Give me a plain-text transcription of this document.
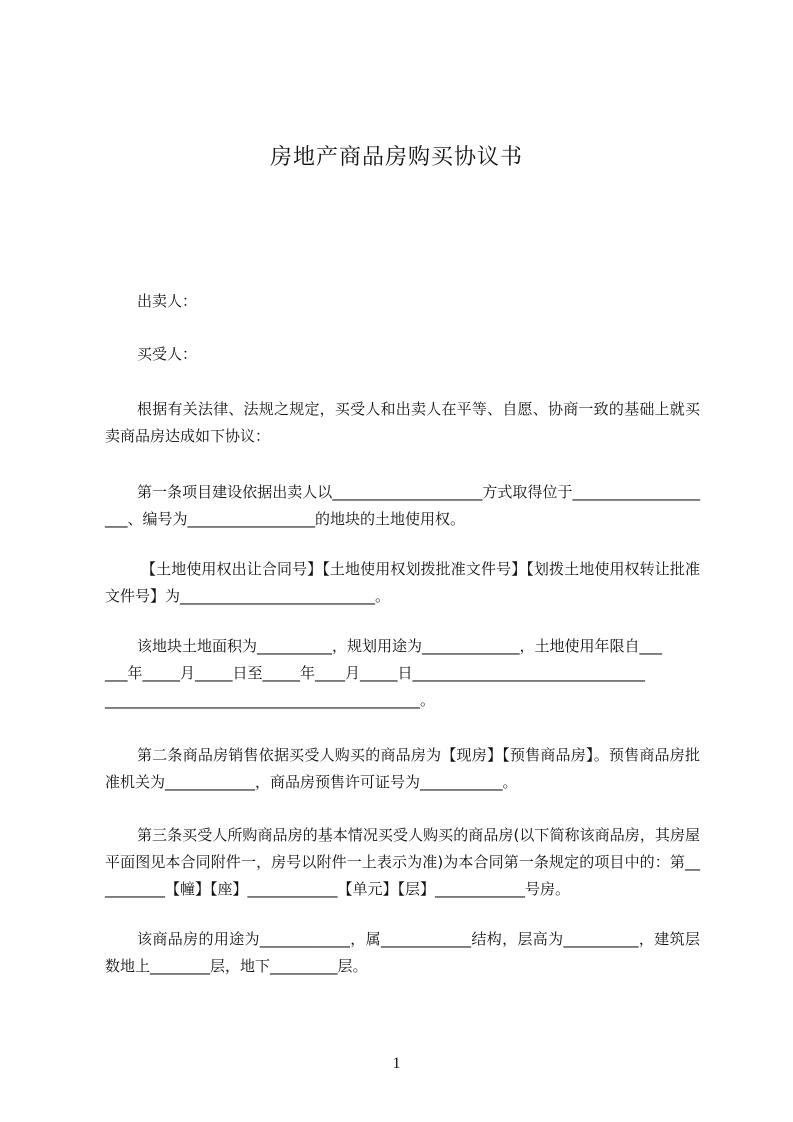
房地产商品房购买协议书

出卖人：

买受人：

根据有关法律、法规之规定，买受人和出卖人在平等、自愿、协商一致的基础上就买卖商品房达成如下协议：

第一条项目建设依据出卖人以____________________方式取得位于____________________、编号为_________________的地块的土地使用权。

【土地使用权出让合同号】【土地使用权划拨批准文件号】【划拨土地使用权转让批准文件号】为__________________________。

该地块土地面积为__________，规划用途为_____________，土地使用年限自___

___年_____月_____日至_____年____月_____日_______________________________

__________________________________________。

第二条商品房销售依据买受人购买的商品房为【现房】【预售商品房】。预售商品房批准机关为____________，商品房预售许可证号为___________。

第三条买受人所购商品房的基本情况买受人购买的商品房(以下简称该商品房，其房屋平面图见本合同附件一，房号以附件一上表示为准)为本合同第一条规定的项目中的：第__________【幢】【座】____________【单元】【层】____________号房。

该商品房的用途为____________，属____________结构，层高为__________，建筑层数地上________层，地下_________层。

1
